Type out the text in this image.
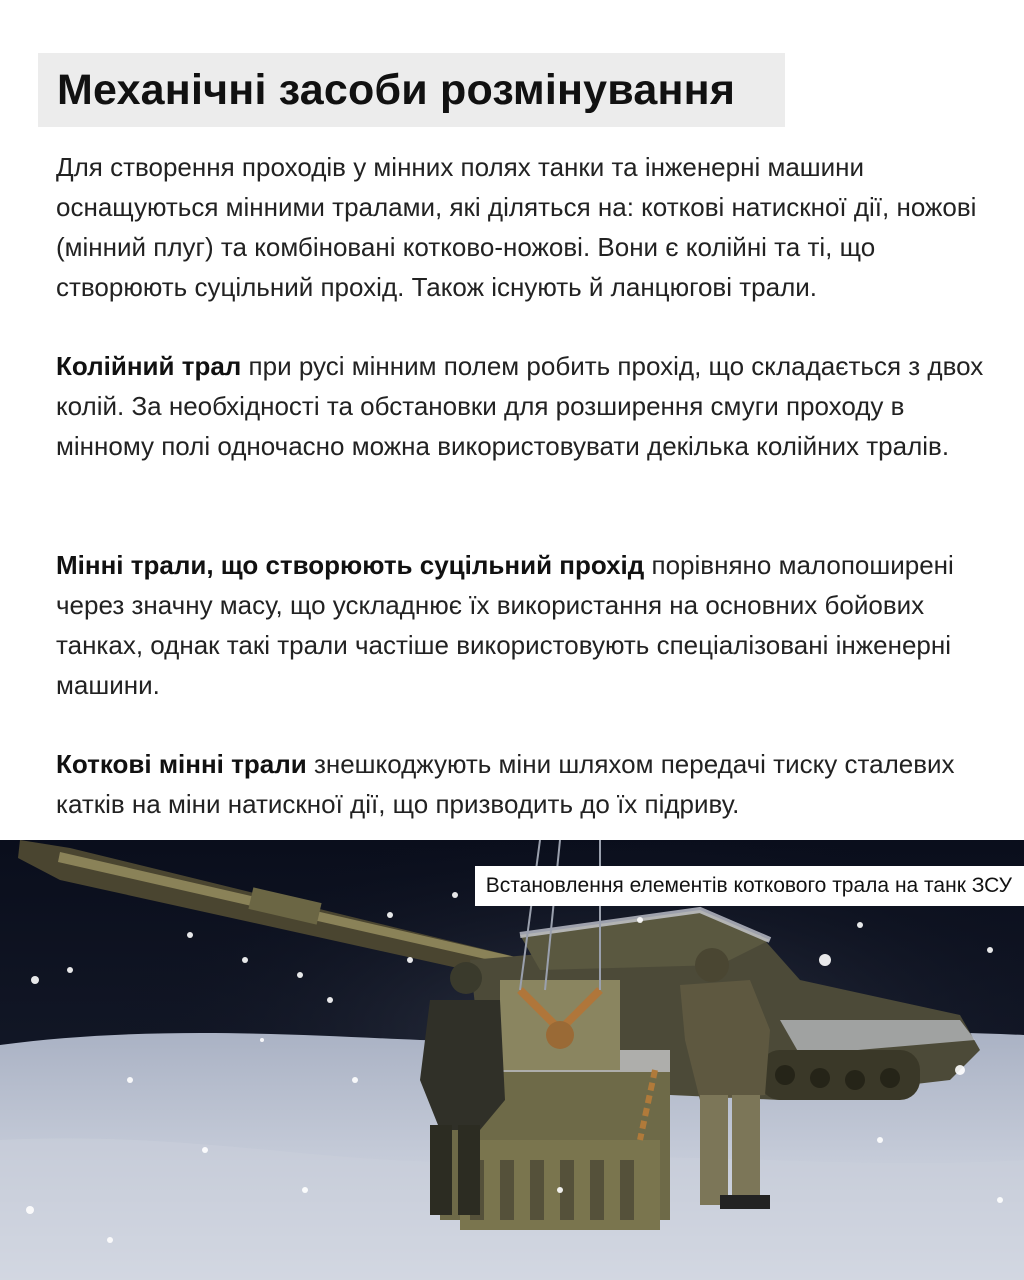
Механічні засоби розмінування

Для створення проходів у мінних полях танки та інженерні машини оснащуються мінними тралами, які діляться на: коткові натискної дії, ножові (мінний плуг) та комбіновані котково-ножові. Вони є колійні та ті, що створюють суцільний прохід. Також існують й ланцюгові трали.

Колійний трал при русі мінним полем робить прохід, що складається з двох колій. За необхідності та обстановки для розширення смуги проходу в мінному полі одночасно можна використовувати декілька колійних тралів.

Мінні трали, що створюють суцільний прохід порівняно малопоширені через значну масу, що ускладнює їх використання на основних бойових танках, однак такі трали частіше використовують спеціалізовані інженерні машини.

Коткові мінні трали знешкоджують міни шляхом передачі тиску сталевих катків на міни натискної дії, що призводить до їх підриву.

Встановлення елементів коткового трала на танк ЗСУ
